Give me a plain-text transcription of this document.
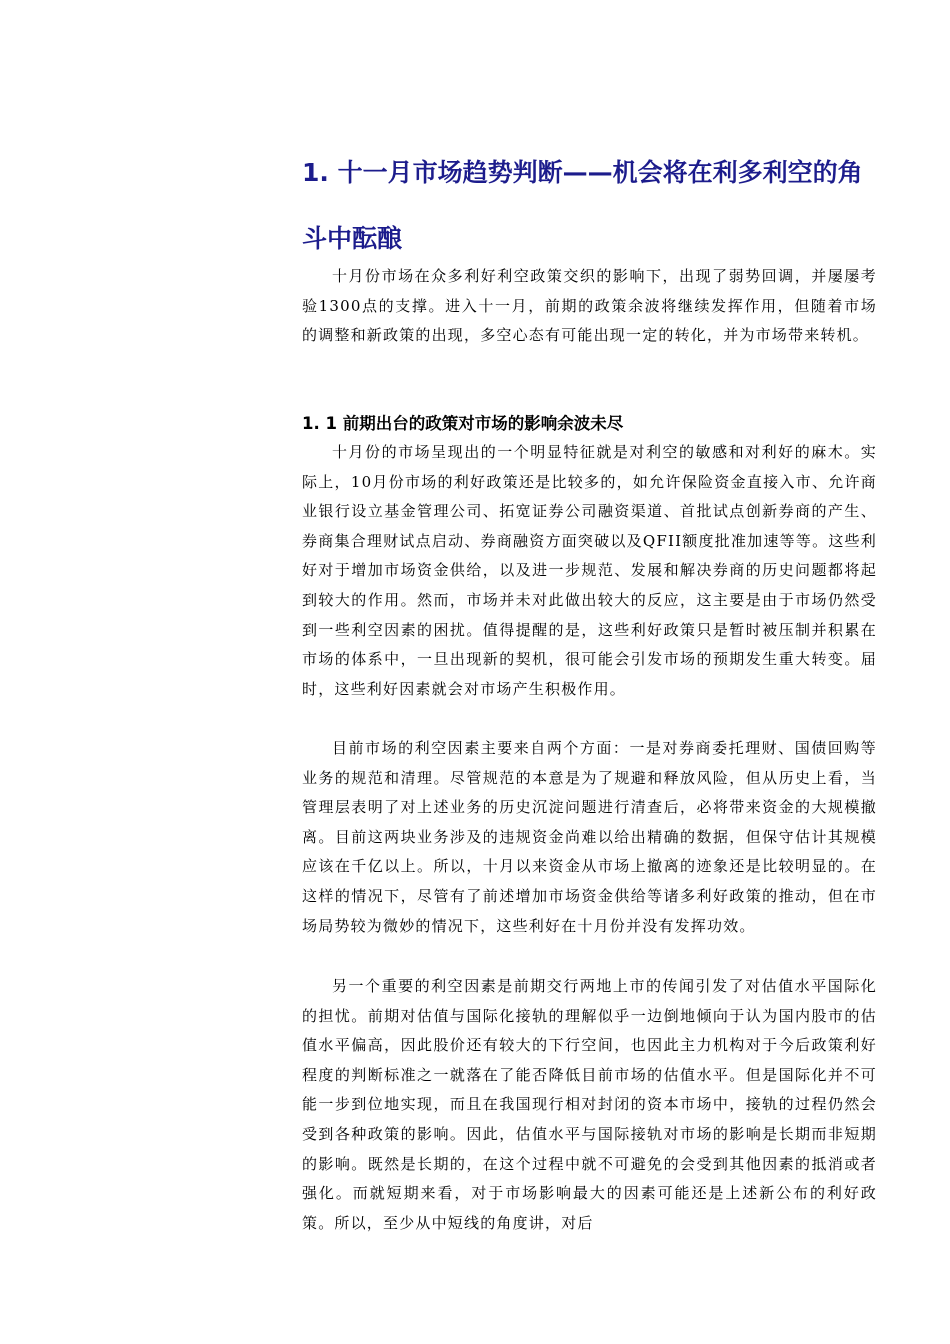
1. 十一月市场趋势判断——机会将在利多利空的角斗中酝酿

十月份市场在众多利好利空政策交织的影响下，出现了弱势回调，并屡屡考验1300点的支撑。进入十一月，前期的政策余波将继续发挥作用，但随着市场的调整和新政策的出现，多空心态有可能出现一定的转化，并为市场带来转机。

1. 1 前期出台的政策对市场的影响余波未尽

十月份的市场呈现出的一个明显特征就是对利空的敏感和对利好的麻木。实际上，10月份市场的利好政策还是比较多的，如允许保险资金直接入市、允许商业银行设立基金管理公司、拓宽证券公司融资渠道、首批试点创新券商的产生、券商集合理财试点启动、券商融资方面突破以及QFII额度批准加速等等。这些利好对于增加市场资金供给，以及进一步规范、发展和解决券商的历史问题都将起到较大的作用。然而，市场并未对此做出较大的反应，这主要是由于市场仍然受到一些利空因素的困扰。值得提醒的是，这些利好政策只是暂时被压制并积累在市场的体系中，一旦出现新的契机，很可能会引发市场的预期发生重大转变。届时，这些利好因素就会对市场产生积极作用。

目前市场的利空因素主要来自两个方面：一是对券商委托理财、国债回购等业务的规范和清理。尽管规范的本意是为了规避和释放风险，但从历史上看，当管理层表明了对上述业务的历史沉淀问题进行清查后，必将带来资金的大规模撤离。目前这两块业务涉及的违规资金尚难以给出精确的数据，但保守估计其规模应该在千亿以上。所以，十月以来资金从市场上撤离的迹象还是比较明显的。在这样的情况下，尽管有了前述增加市场资金供给等诸多利好政策的推动，但在市场局势较为微妙的情况下，这些利好在十月份并没有发挥功效。

另一个重要的利空因素是前期交行两地上市的传闻引发了对估值水平国际化的担忧。前期对估值与国际化接轨的理解似乎一边倒地倾向于认为国内股市的估值水平偏高，因此股价还有较大的下行空间，也因此主力机构对于今后政策利好程度的判断标准之一就落在了能否降低目前市场的估值水平。但是国际化并不可能一步到位地实现，而且在我国现行相对封闭的资本市场中，接轨的过程仍然会受到各种政策的影响。因此，估值水平与国际接轨对市场的影响是长期而非短期的影响。既然是长期的，在这个过程中就不可避免的会受到其他因素的抵消或者强化。而就短期来看，对于市场影响最大的因素可能还是上述新公布的利好政策。所以，至少从中短线的角度讲，对后
